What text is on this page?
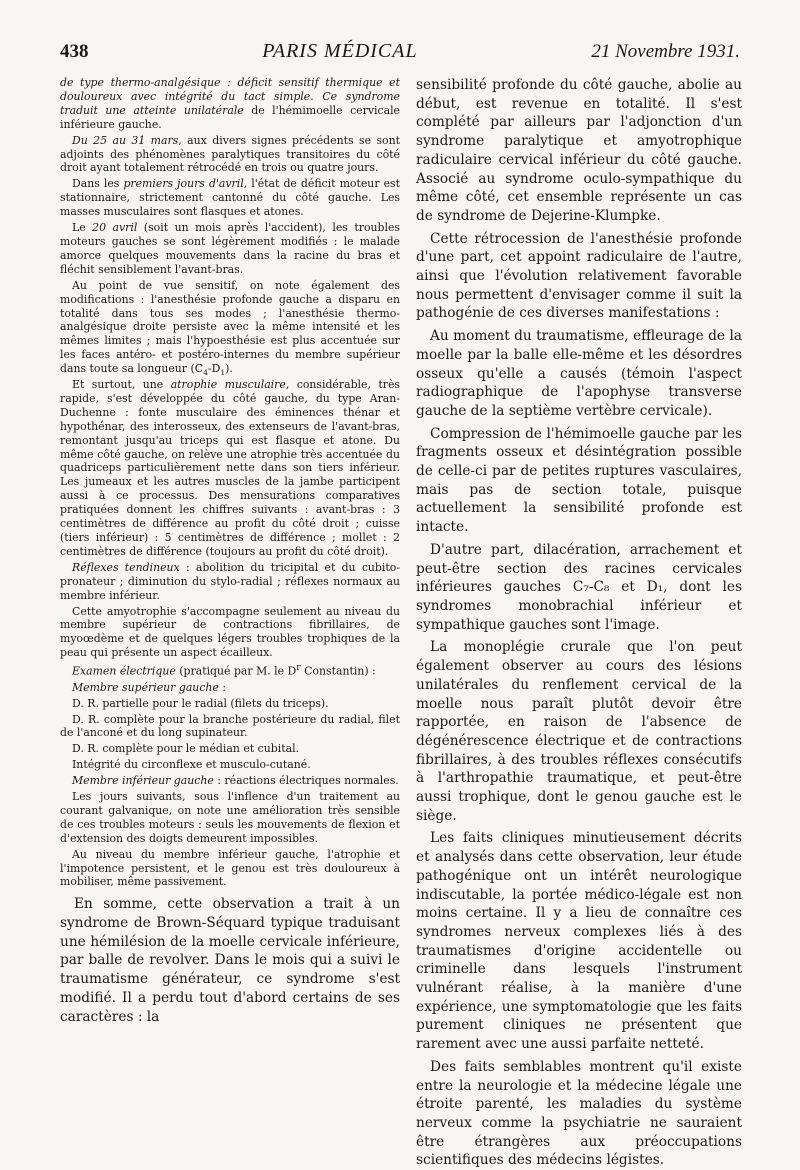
438	PARIS MÉDICAL	21 Novembre 1931.

de type thermo-analgésique : déficit sensitif thermique et douloureux avec intégrité du tact simple. Ce syndrome traduit une atteinte unilatérale de l'hémimoelle cervicale inférieure gauche.

Du 25 au 31 mars, aux divers signes précédents se sont adjoints des phénomènes paralytiques transitoires du côté droit ayant totalement rétrocédé en trois ou quatre jours.

Dans les premiers jours d'avril, l'état de déficit moteur est stationnaire, strictement cantonné du côté gauche. Les masses musculaires sont flasques et atones.

Le 20 avril (soit un mois après l'accident), les troubles moteurs gauches se sont légèrement modifiés : le malade amorce quelques mouvements dans la racine du bras et fléchit sensiblement l'avant-bras.

Au point de vue sensitif, on note également des modifications : l'anesthésie profonde gauche a disparu en totalité dans tous ses modes ; l'anesthésie thermo-analgésique droite persiste avec la même intensité et les mêmes limites ; mais l'hypoesthésie est plus accentuée sur les faces antéro- et postéro-internes du membre supérieur dans toute sa longueur $(C_4-D_1)$.

Et surtout, une atrophie musculaire, considérable, très rapide, s'est développée du côté gauche, du type Aran-Duchenne : fonte musculaire des éminences thénar et hypothénar, des interosseux, des extenseurs de l'avant-bras, remontant jusqu'au triceps qui est flasque et atone. Du même côté gauche, on relève une atrophie très accentuée du quadriceps particulièrement nette dans son tiers inférieur. Les jumeaux et les autres muscles de la jambe participent aussi à ce processus. Des mensurations comparatives pratiquées donnent les chiffres suivants : avant-bras : 3 centimètres de différence au profit du côté droit ; cuisse (tiers inférieur) : 5 centimètres de différence ; mollet : 2 centimètres de différence (toujours au profit du côté droit).

Réflexes tendineux : abolition du tricipital et du cubito-pronateur ; diminution du stylo-radial ; réflexes normaux au membre inférieur.

Cette amyotrophie s'accompagne seulement au niveau du membre supérieur de contractions fibrillaires, de myoœdème et de quelques légers troubles trophiques de la peau qui présente un aspect écailleux.

Examen électrique (pratiqué par M. le $D^r$ Constantin) :

Membre supérieur gauche :

D. R. partielle pour le radial (filets du triceps).

D. R. complète pour la branche postérieure du radial, filet de l'anconé et du long supinateur.

D. R. complète pour le médian et cubital.

Intégrité du circonflexe et musculo-cutané.

Membre inférieur gauche : réactions électriques normales.

Les jours suivants, sous l'inflence d'un traitement au courant galvanique, on note une amélioration très sensible de ces troubles moteurs : seuls les mouvements de flexion et d'extension des doigts demeurent impossibles.

Au niveau du membre inférieur gauche, l'atrophie et l'impotence persistent, et le genou est très douloureux à mobiliser, même passivement.

En somme, cette observation a trait à un syndrome de Brown-Séquard typique traduisant une hémilésion de la moelle cervicale inférieure, par balle de revolver. Dans le mois qui a suivi le traumatisme générateur, ce syndrome s'est modifié. Il a perdu tout d'abord certains de ses caractères : la

sensibilité profonde du côté gauche, abolie au début, est revenue en totalité. Il s'est complété par ailleurs par l'adjonction d'un syndrome paralytique et amyotrophique radiculaire cervical inférieur du côté gauche. Associé au syndrome oculo-sympathique du même côté, cet ensemble représente un cas de syndrome de Dejerine-Klumpke.

Cette rétrocession de l'anesthésie profonde d'une part, cet appoint radiculaire de l'autre, ainsi que l'évolution relativement favorable nous permettent d'envisager comme il suit la pathogénie de ces diverses manifestations :

Au moment du traumatisme, effleurage de la moelle par la balle elle-même et les désordres osseux qu'elle a causés (témoin l'aspect radiographique de l'apophyse transverse gauche de la septième vertèbre cervicale).

Compression de l'hémimoelle gauche par les fragments osseux et désintégration possible de celle-ci par de petites ruptures vasculaires, mais pas de section totale, puisque actuellement la sensibilité profonde est intacte.

D'autre part, dilacération, arrachement et peut-être section des racines cervicales inférieures gauches C₇-C₈ et D₁, dont les syndromes monobrachial inférieur et sympathique gauches sont l'image.

La monoplégie crurale que l'on peut également observer au cours des lésions unilatérales du renflement cervical de la moelle nous paraît plutôt devoir être rapportée, en raison de l'absence de dégénérescence électrique et de contractions fibrillaires, à des troubles réflexes consécutifs à l'arthropathie traumatique, et peut-être aussi trophique, dont le genou gauche est le siège.

Les faits cliniques minutieusement décrits et analysés dans cette observation, leur étude pathogénique ont un intérêt neurologique indiscutable, la portée médico-légale est non moins certaine. Il y a lieu de connaître ces syndromes nerveux complexes liés à des traumatismes d'origine accidentelle ou criminelle dans lesquels l'instrument vulnérant réalise, à la manière d'une expérience, une symptomatologie que les faits purement cliniques ne présentent que rarement avec une aussi parfaite netteté.

Des faits semblables montrent qu'il existe entre la neurologie et la médecine légale une étroite parenté, les maladies du système nerveux comme la psychiatrie ne sauraient être étrangères aux préoccupations scientifiques des médecins légistes.
